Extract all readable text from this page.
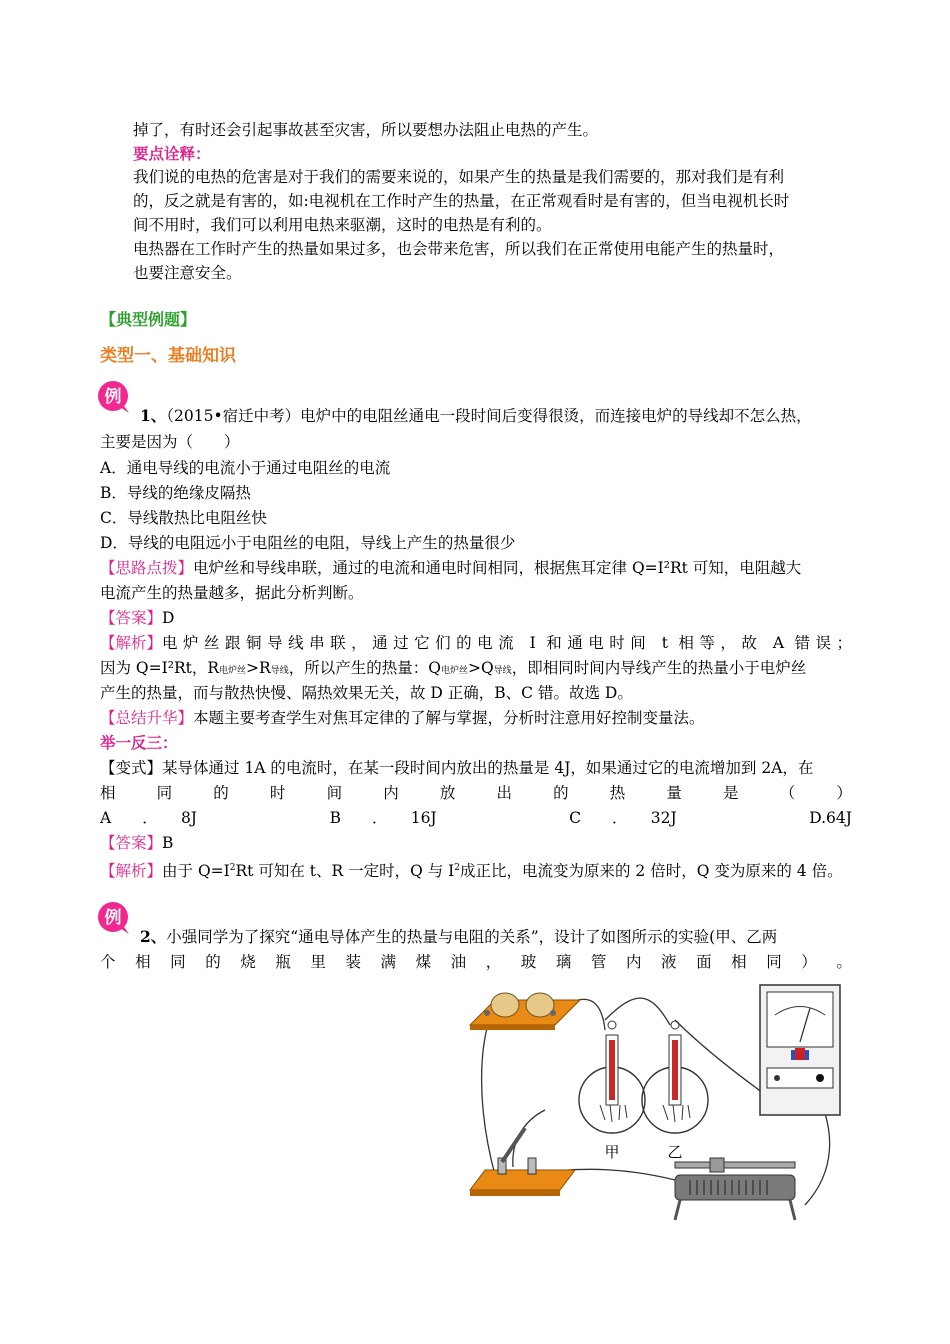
掉了，有时还会引起事故甚至灾害，所以要想办法阻止电热的产生。
要点诠释：
我们说的电热的危害是对于我们的需要来说的，如果产生的热量是我们需要的，那对我们是有利
的，反之就是有害的，如:电视机在工作时产生的热量，在正常观看时是有害的，但当电视机长时
间不用时，我们可以利用电热来驱潮，这时的电热是有利的。
电热器在工作时产生的热量如果过多，也会带来危害，所以我们在正常使用电能产生的热量时，
也要注意安全。
【典型例题】
类型一、基础知识
例
1、（2015•宿迁中考）电炉中的电阻丝通电一段时间后变得很烫，而连接电炉的导线却不怎么热，
主要是因为（　　）
A．通电导线的电流小于通过电阻丝的电流
B．导线的绝缘皮隔热
C．导线散热比电阻丝快
D．导线的电阻远小于电阻丝的电阻，导线上产生的热量很少
【思路点拨】电炉丝和导线串联，通过的电流和通电时间相同，根据焦耳定律 Q=I²Rt 可知，电阻越大
电流产生的热量越多，据此分析判断。
【答案】D
【解析】 电炉丝跟铜导线串联，通过它们的电流 I 和通电时间 t 相等，故 A 错误；
因为 Q=I²Rt，R电炉丝>R导线，所以产生的热量：Q电炉丝>Q导线，即相同时间内导线产生的热量小于电炉丝
产生的热量，而与散热快慢、隔热效果无关，故 D 正确，B、C 错。故选 D。
【总结升华】本题主要考查学生对焦耳定律的了解与掌握，分析时注意用好控制变量法。
举一反三：
【变式】某导体通过 1A 的电流时，在某一段时间内放出的热量是 4J，如果通过它的电流增加到 2A，在
相	同	的	时	间	内	放	出	的	热	量	是	（	）
A　　．　　8J	B　　．　　16J	C　　．　　32J	D.64J
【答案】B
【解析】由于 $Q=I^2Rt$ 可知在 t、R 一定时，Q 与 $I^2$成正比，电流变为原来的 2 倍时，Q 变为原来的 4 倍。
例
2、小强同学为了探究“通电导体产生的热量与电阻的关系”，设计了如图所示的实验(甲、乙两
个 相 同 的 烧 瓶 里 装 满 煤 油 ， 玻 璃 管 内 液 面 相 同 ） 。
甲	乙
